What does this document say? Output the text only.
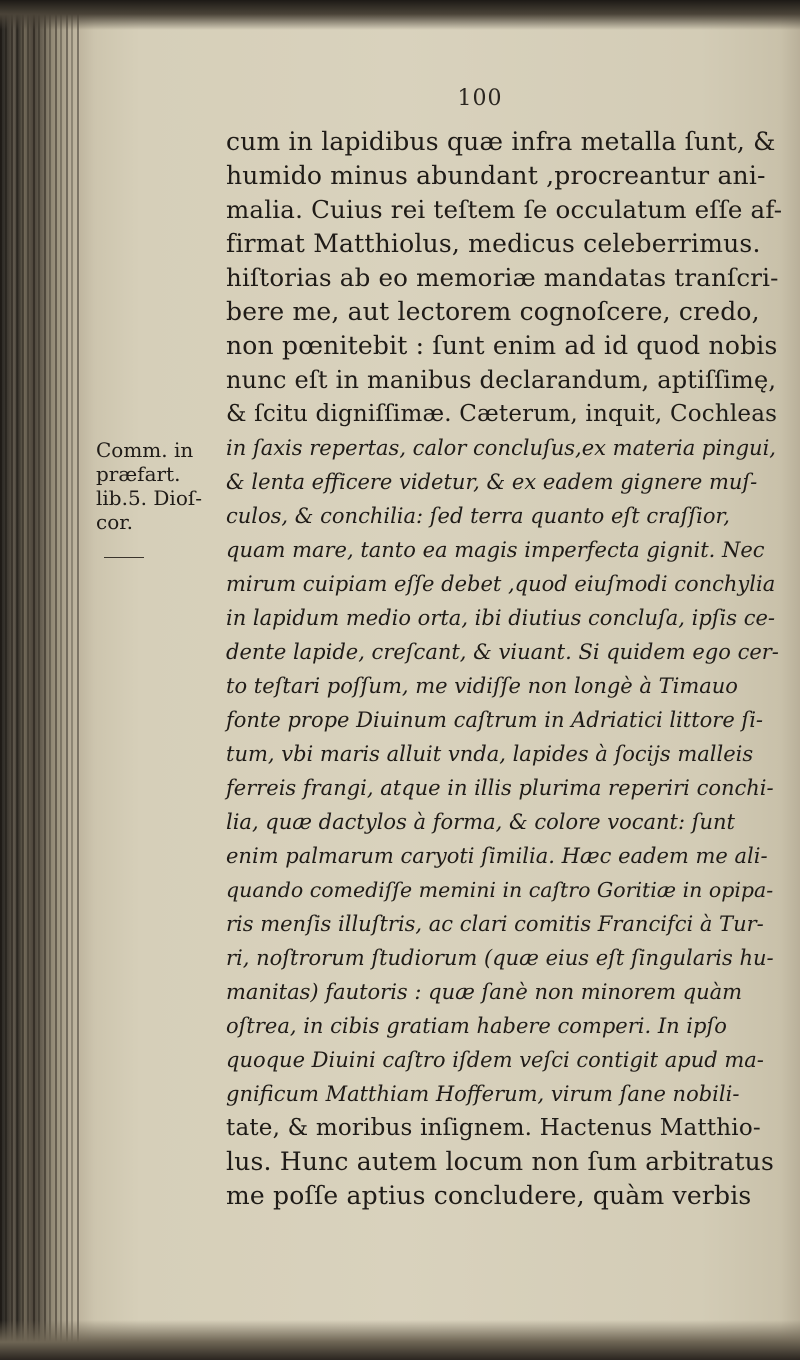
100
Comm. in
præfart.
lib.5. Dioſ-
cor.
cum in lapidibus quæ infra metalla ſunt, &
humido minus abundant ,procreantur ani-
malia. Cuius rei teſtem ſe occulatum eſſe af-
firmat Matthiolus, medicus celeberrimus.
hiſtorias ab eo memoriæ mandatas tranſcri-
bere me, aut lectorem cognoſcere, credo,
non pœnitebit : ſunt enim ad id quod nobis
nunc eſt in manibus declarandum, aptiſſimę,
& ſcitu digniſſimæ. Cæterum, inquit, Cochleas
in ſaxis repertas, calor concluſus,ex materia pingui,
& lenta efficere videtur, & ex eadem gignere muſ-
culos, & conchilia: ſed terra quanto eſt craſſior,
quam mare, tanto ea magis imperfecta gignit. Nec
mirum cuipiam eſſe debet ,quod eiuſmodi conchylia
in lapidum medio orta, ibi diutius concluſa, ipſis ce-
dente lapide, creſcant, & viuant. Si quidem ego cer-
to teſtari poſſum, me vidiſſe non longè à Timauo
fonte prope Diuinum caſtrum in Adriatici littore ſi-
tum, vbi maris alluit vnda, lapides à ſocijs malleis
ferreis frangi, atque in illis plurima reperiri conchi-
lia, quæ dactylos à forma, & colore vocant: ſunt
enim palmarum caryoti ſimilia. Hæc eadem me ali-
quando comediſſe memini in caſtro Goritiæ in opipa-
ris menſis illuſtris, ac clari comitis Francifci à Tur-
ri, noſtrorum ſtudiorum (quæ eius eſt ſingularis hu-
manitas) fautoris : quæ ſanè non minorem quàm
oſtrea, in cibis gratiam habere comperi. In ipſo
quoque Diuini caſtro iſdem veſci contigit apud ma-
gnificum Matthiam Hofferum, virum ſane nobili-
tate, & moribus inſignem. Hactenus Matthio-
lus. Hunc autem locum non ſum arbitratus
me poſſe aptius concludere, quàm verbis
